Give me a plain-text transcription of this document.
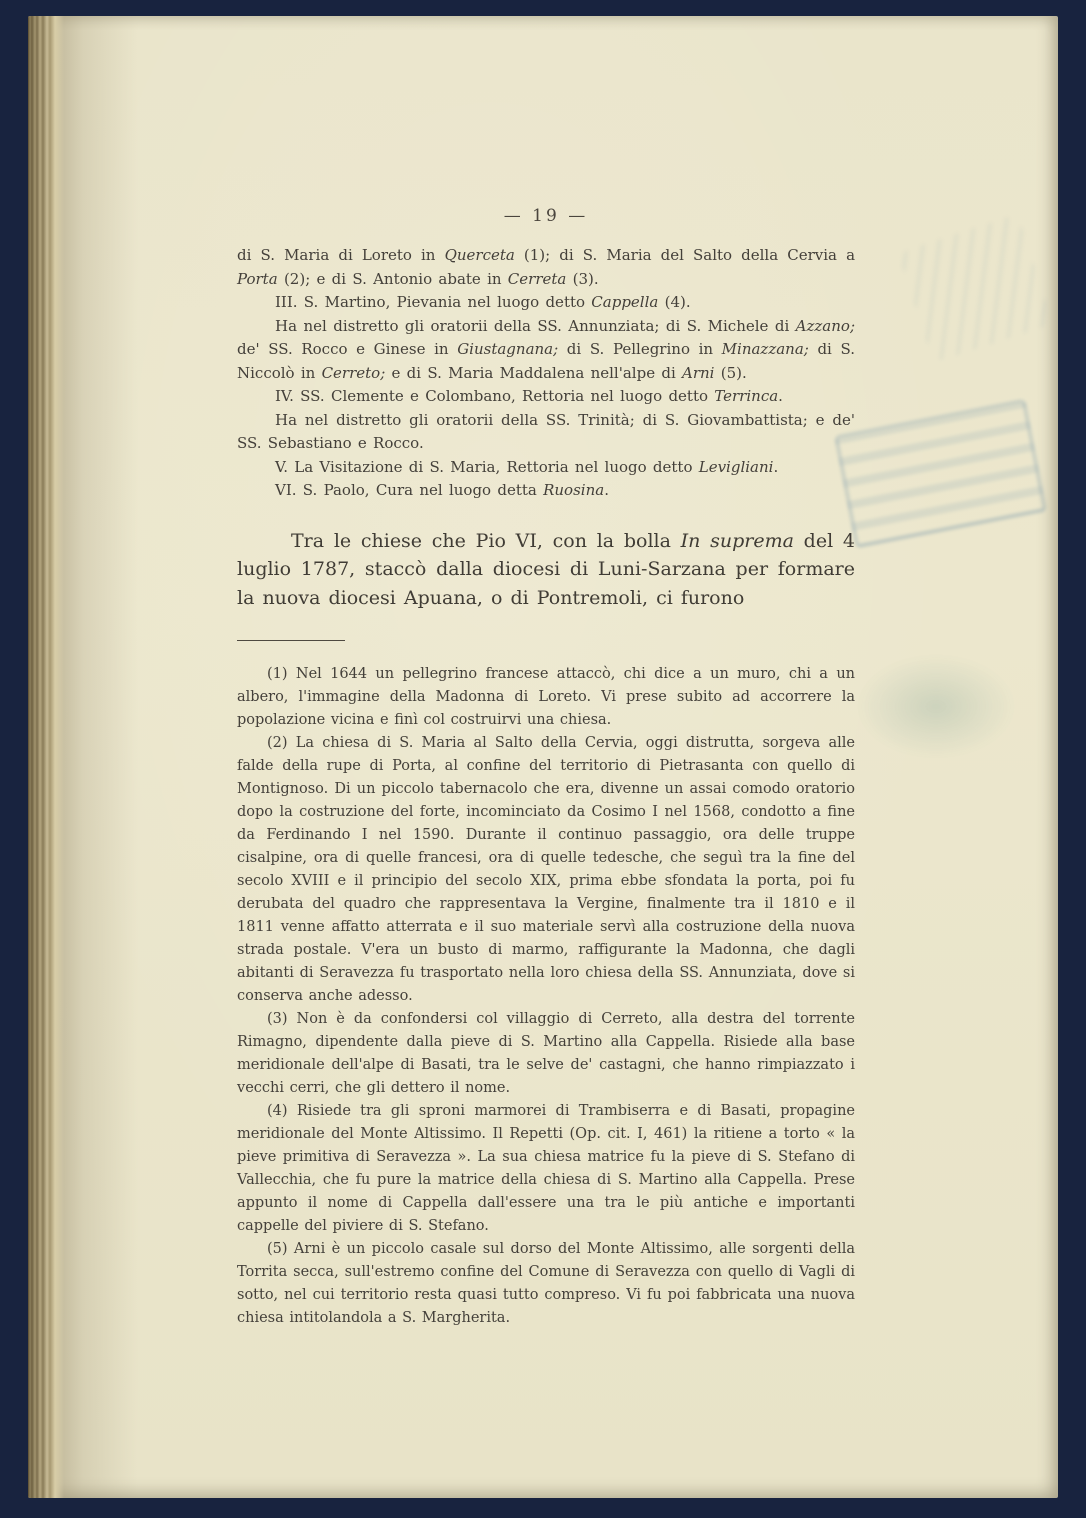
— 19 —

di S. Maria di Loreto in Querceta (1); di S. Maria del Salto della Cervia a Porta (2); e di S. Antonio abate in Cerreta (3).

III. S. Martino, Pievania nel luogo detto Cappella (4).

Ha nel distretto gli oratorii della SS. Annunziata; di S. Michele di Azzano; de' SS. Rocco e Ginese in Giustagnana; di S. Pellegrino in Minazzana; di S. Niccolò in Cerreto; e di S. Maria Maddalena nell'alpe di Arni (5).

IV. SS. Clemente e Colombano, Rettoria nel luogo detto Terrinca.

Ha nel distretto gli oratorii della SS. Trinità; di S. Giovambattista; e de' SS. Sebastiano e Rocco.

V. La Visitazione di S. Maria, Rettoria nel luogo detto Levigliani.

VI. S. Paolo, Cura nel luogo detta Ruosina.

Tra le chiese che Pio VI, con la bolla In suprema del 4 luglio 1787, staccò dalla diocesi di Luni-Sarzana per formare la nuova diocesi Apuana, o di Pontremoli, ci furono

(1) Nel 1644 un pellegrino francese attaccò, chi dice a un muro, chi a un albero, l'immagine della Madonna di Loreto. Vi prese subito ad accorrere la popolazione vicina e finì col costruirvi una chiesa.

(2) La chiesa di S. Maria al Salto della Cervia, oggi distrutta, sorgeva alle falde della rupe di Porta, al confine del territorio di Pietrasanta con quello di Montignoso. Di un piccolo tabernacolo che era, divenne un assai comodo oratorio dopo la costruzione del forte, incominciato da Cosimo I nel 1568, condotto a fine da Ferdinando I nel 1590. Durante il continuo passaggio, ora delle truppe cisalpine, ora di quelle francesi, ora di quelle tedesche, che seguì tra la fine del secolo XVIII e il principio del secolo XIX, prima ebbe sfondata la porta, poi fu derubata del quadro che rappresentava la Vergine, finalmente tra il 1810 e il 1811 venne affatto atterrata e il suo materiale servì alla costruzione della nuova strada postale. V'era un busto di marmo, raffigurante la Madonna, che dagli abitanti di Seravezza fu trasportato nella loro chiesa della SS. Annunziata, dove si conserva anche adesso.

(3) Non è da confondersi col villaggio di Cerreto, alla destra del torrente Rimagno, dipendente dalla pieve di S. Martino alla Cappella. Risiede alla base meridionale dell'alpe di Basati, tra le selve de' castagni, che hanno rimpiazzato i vecchi cerri, che gli dettero il nome.

(4) Risiede tra gli sproni marmorei di Trambiserra e di Basati, propagine meridionale del Monte Altissimo. Il Repetti (Op. cit. I, 461) la ritiene a torto « la pieve primitiva di Seravezza ». La sua chiesa matrice fu la pieve di S. Stefano di Vallecchia, che fu pure la matrice della chiesa di S. Martino alla Cappella. Prese appunto il nome di Cappella dall'essere una tra le più antiche e importanti cappelle del piviere di S. Stefano.

(5) Arni è un piccolo casale sul dorso del Monte Altissimo, alle sorgenti della Torrita secca, sull'estremo confine del Comune di Seravezza con quello di Vagli di sotto, nel cui territorio resta quasi tutto compreso. Vi fu poi fabbricata una nuova chiesa intitolandola a S. Margherita.
